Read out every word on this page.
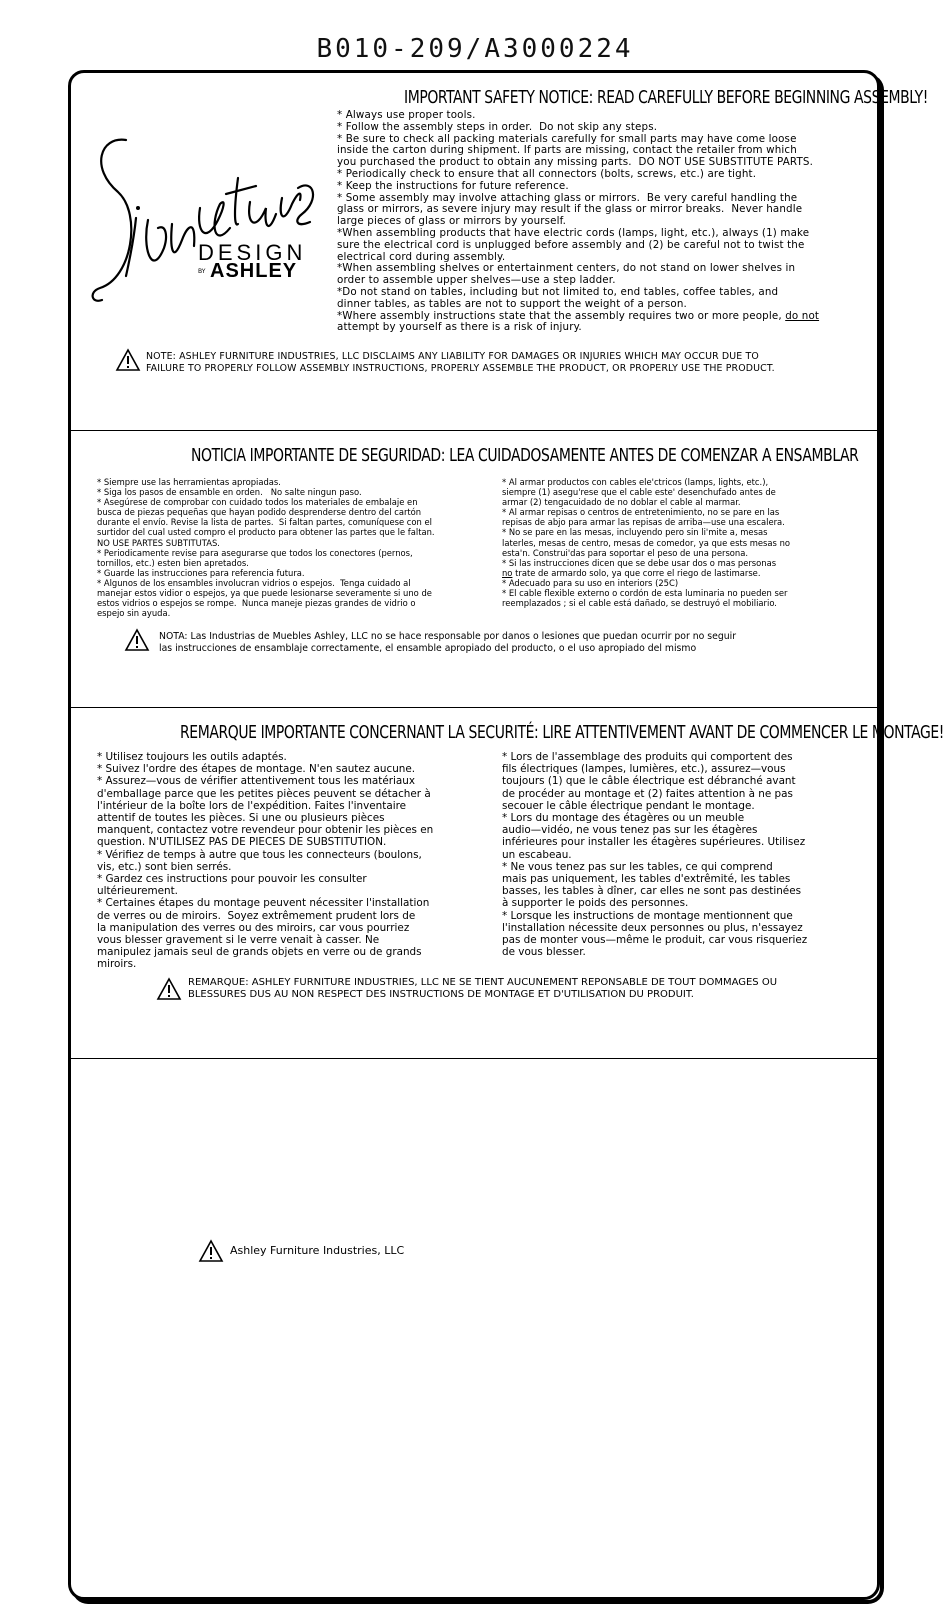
B010-209/A3000224
DESIGN
BY ASHLEY
IMPORTANT SAFETY NOTICE: READ CAREFULLY BEFORE BEGINNING ASSEMBLY!
* Always use proper tools.
* Follow the assembly steps in order.  Do not skip any steps.
* Be sure to check all packing materials carefully for small parts may have come loose
inside the carton during shipment. If parts are missing, contact the retailer from which
you purchased the product to obtain any missing parts.  DO NOT USE SUBSTITUTE PARTS.
* Periodically check to ensure that all connectors (bolts, screws, etc.) are tight.
* Keep the instructions for future reference.
* Some assembly may involve attaching glass or mirrors.  Be very careful handling the
glass or mirrors, as severe injury may result if the glass or mirror breaks.  Never handle
large pieces of glass or mirrors by yourself.
*When assembling products that have electric cords (lamps, light, etc.), always (1) make
sure the electrical cord is unplugged before assembly and (2) be careful not to twist the
electrical cord during assembly.
*When assembling shelves or entertainment centers, do not stand on lower shelves in
order to assemble upper shelves—use a step ladder.
*Do not stand on tables, including but not limited to, end tables, coffee tables, and
dinner tables, as tables are not to support the weight of a person.
*Where assembly instructions state that the assembly requires two or more people, do not
attempt by yourself as there is a risk of injury.
NOTE: ASHLEY FURNITURE INDUSTRIES, LLC DISCLAIMS ANY LIABILITY FOR DAMAGES OR INJURIES WHICH MAY OCCUR DUE TO
FAILURE TO PROPERLY FOLLOW ASSEMBLY INSTRUCTIONS, PROPERLY ASSEMBLE THE PRODUCT, OR PROPERLY USE THE PRODUCT.
NOTICIA IMPORTANTE DE SEGURIDAD: LEA CUIDADOSAMENTE ANTES DE COMENZAR A ENSAMBLAR
* Siempre use las herramientas apropiadas.
* Siga los pasos de ensamble en orden.   No salte ningun paso.
* Asegúrese de comprobar con cuidado todos los materiales de embalaje en
busca de piezas pequeñas que hayan podido desprenderse dentro del cartón
durante el envío. Revise la lista de partes.  Si faltan partes, comuníquese con el
surtidor del cual usted compro el producto para obtener las partes que le faltan.
NO USE PARTES SUBTITUTAS.
* Periodicamente revise para asegurarse que todos los conectores (pernos,
tornillos, etc.) esten bien apretados.
* Guarde las instrucciones para referencia futura.
* Algunos de los ensambles involucran vidrios o espejos.  Tenga cuidado al
manejar estos vidior o espejos, ya que puede lesionarse severamente si uno de
estos vidrios o espejos se rompe.  Nunca maneje piezas grandes de vidrio o
espejo sin ayuda.
* Al armar productos con cables ele'ctricos (lamps, lights, etc.),
siempre (1) asegu'rese que el cable este' desenchufado antes de
armar (2) tengacuidado de no doblar el cable al marmar.
* Al armar repisas o centros de entretenimiento, no se pare en las
repisas de abjo para armar las repisas de arriba—use una escalera.
* No se pare en las mesas, incluyendo pero sin li'mite a, mesas
laterles, mesas de centro, mesas de comedor, ya que ests mesas no
esta'n. Construi'das para soportar el peso de una persona.
* Si las instrucciones dicen que se debe usar dos o mas personas
no trate de armardo solo, ya que corre el riego de lastimarse.
* Adecuado para su uso en interiors (25C)
* El cable flexible externo o cordón de esta luminaria no pueden ser
reemplazados ; si el cable está dañado, se destruyó el mobiliario.
NOTA: Las Industrias de Muebles Ashley, LLC no se hace responsable por danos o lesiones que puedan ocurrir por no seguir
las instrucciones de ensamblaje correctamente, el ensamble apropiado del producto, o el uso apropiado del mismo
REMARQUE IMPORTANTE CONCERNANT LA SECURITÉ: LIRE ATTENTIVEMENT AVANT DE COMMENCER LE MONTAGE!
* Utilisez toujours les outils adaptés.
* Suivez l'ordre des étapes de montage. N'en sautez aucune.
* Assurez—vous de vérifier attentivement tous les matériaux
d'emballage parce que les petites pièces peuvent se détacher à
l'intérieur de la boîte lors de l'expédition. Faites l'inventaire
attentif de toutes les pièces. Si une ou plusieurs pièces
manquent, contactez votre revendeur pour obtenir les pièces en
question. N'UTILISEZ PAS DE PIECES DE SUBSTITUTION.
* Vérifiez de temps à autre que tous les connecteurs (boulons,
vis, etc.) sont bien serrés.
* Gardez ces instructions pour pouvoir les consulter
ultérieurement.
* Certaines étapes du montage peuvent nécessiter l'installation
de verres ou de miroirs.  Soyez extrêmement prudent lors de
la manipulation des verres ou des miroirs, car vous pourriez
vous blesser gravement si le verre venait à casser. Ne
manipulez jamais seul de grands objets en verre ou de grands
miroirs.
* Lors de l'assemblage des produits qui comportent des
fils électriques (lampes, lumières, etc.), assurez—vous
toujours (1) que le câble électrique est débranché avant
de procéder au montage et (2) faites attention à ne pas
secouer le câble électrique pendant le montage.
* Lors du montage des étagères ou un meuble
audio—vidéo, ne vous tenez pas sur les étagères
inférieures pour installer les étagères supérieures. Utilisez
un escabeau.
* Ne vous tenez pas sur les tables, ce qui comprend
mais pas uniquement, les tables d'extrêmité, les tables
basses, les tables à dîner, car elles ne sont pas destinées
à supporter le poids des personnes.
* Lorsque les instructions de montage mentionnent que
l'installation nécessite deux personnes ou plus, n'essayez
pas de monter vous—même le produit, car vous risqueriez
de vous blesser.
REMARQUE: ASHLEY FURNITURE INDUSTRIES, LLC NE SE TIENT AUCUNEMENT REPONSABLE DE TOUT DOMMAGES OU
BLESSURES DUS AU NON RESPECT DES INSTRUCTIONS DE MONTAGE ET D'UTILISATION DU PRODUIT.
Ashley Furniture Industries, LLC
